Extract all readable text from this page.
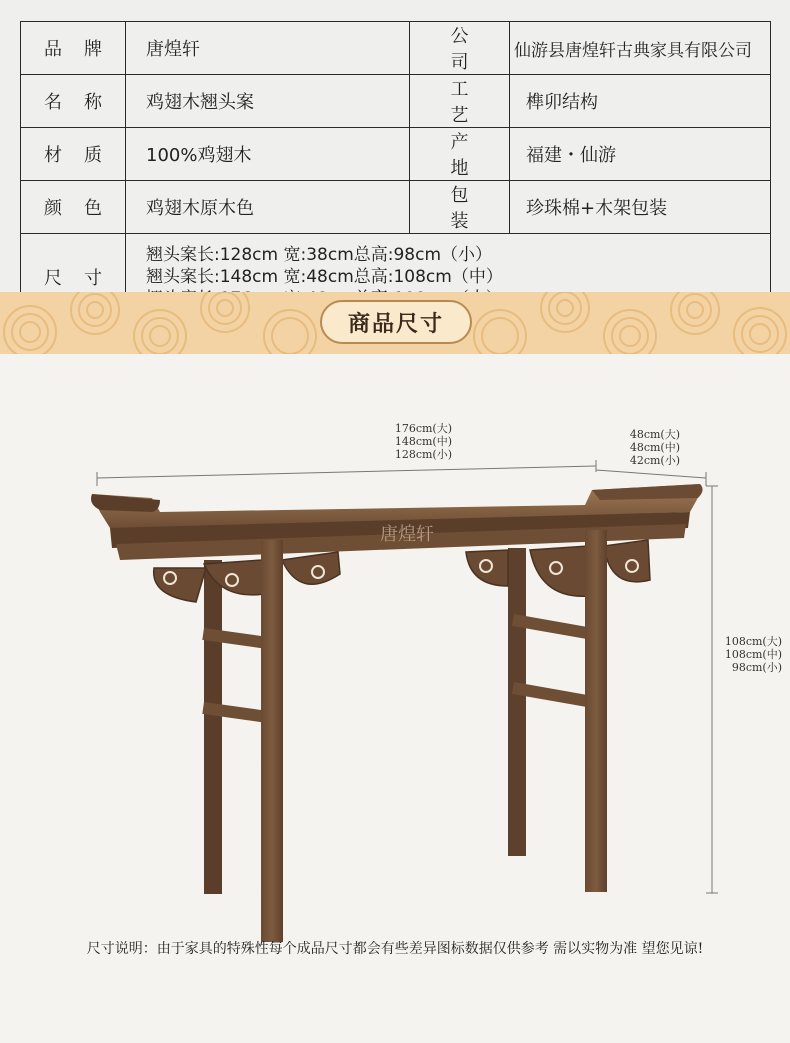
品牌	唐煌轩	公司	仙游县唐煌轩古典家具有限公司
名称	鸡翅木翘头案	工艺	榫卯结构
材质	100%鸡翅木	产地	福建・仙游
颜色	鸡翅木原木色	包装	珍珠棉+木架包装
尺寸	翘头案长:128cm 宽:38cm总高:98cm（小）
翘头案长:148cm 宽:48cm总高:108cm（中）		
商品尺寸
唐煌轩
176cm(大)
148cm(中)
128cm(小)
48cm(大)
48cm(中)
42cm(小)
108cm(大)
108cm(中)
98cm(小)
尺寸说明：由于家具的特殊性每个成品尺寸都会有些差异图标数据仅供参考 需以实物为准 望您见谅!
